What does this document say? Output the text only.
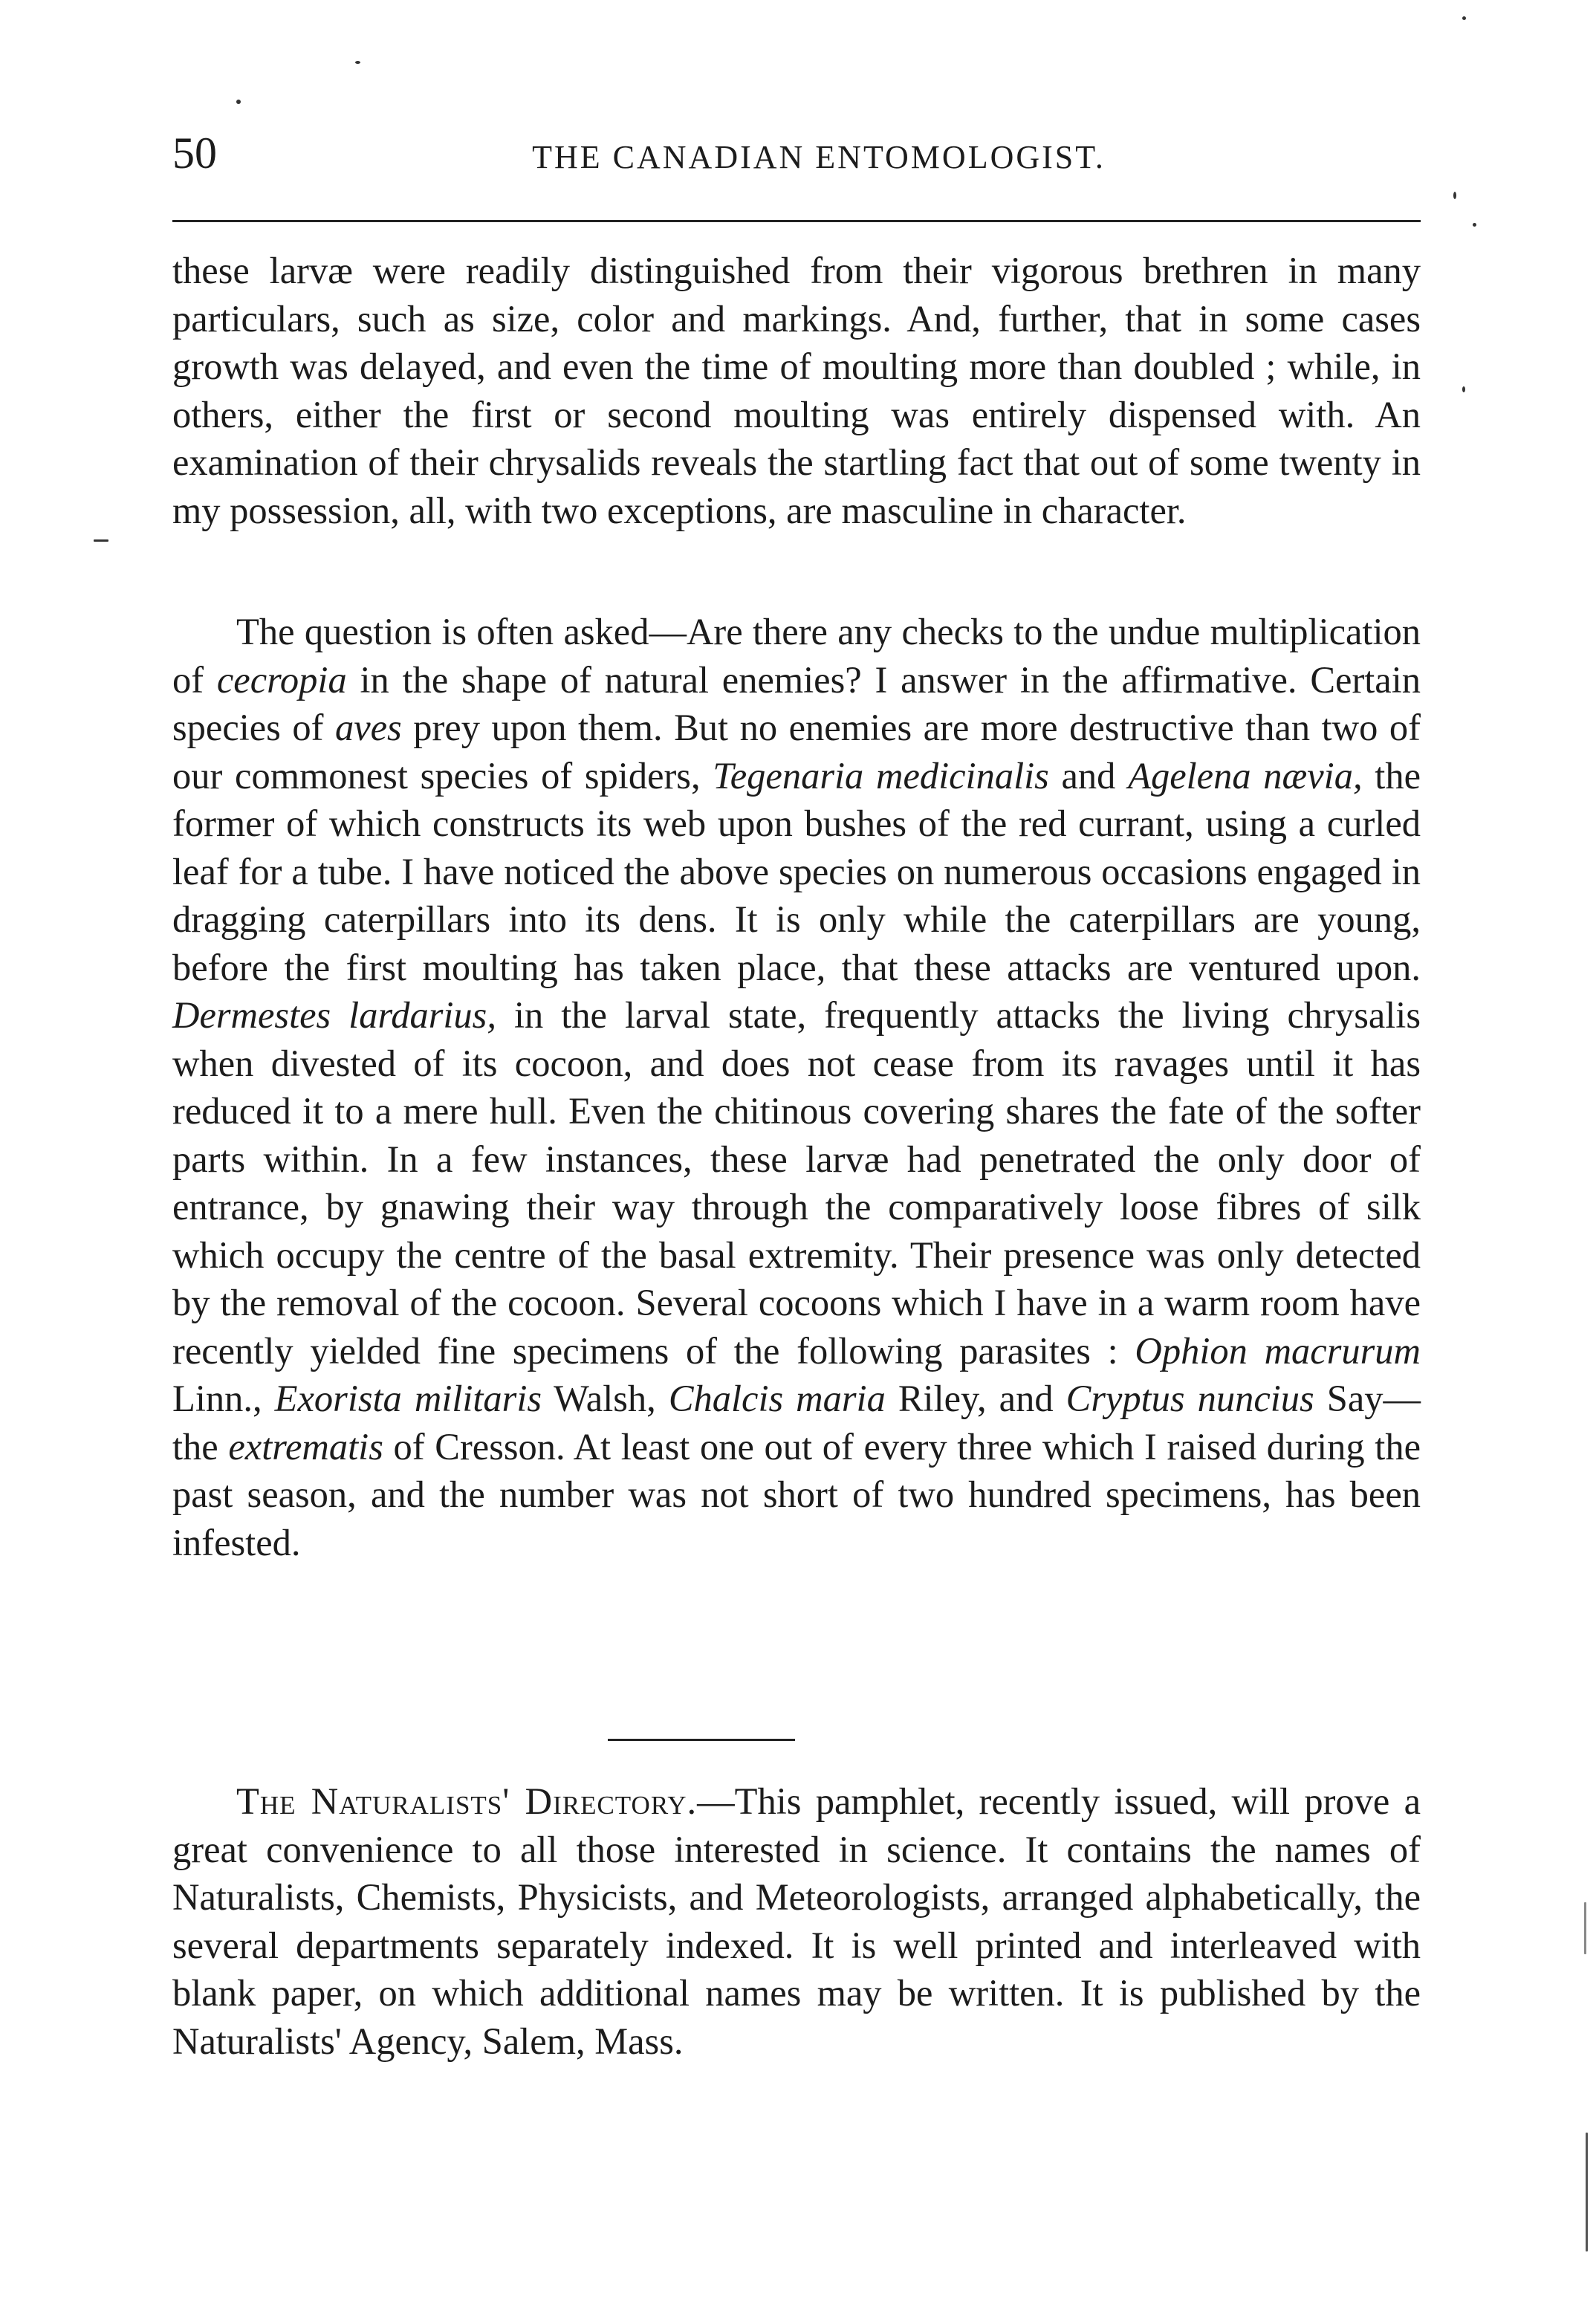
50	THE CANADIAN ENTOMOLOGIST.

these larvæ were readily distinguished from their vigorous brethren in many particulars, such as size, color and markings. And, further, that in some cases growth was delayed, and even the time of moulting more than doubled ; while, in others, either the first or second moulting was entirely dispensed with. An examination of their chrysalids reveals the startling fact that out of some twenty in my possession, all, with two exceptions, are masculine in character.

The question is often asked—Are there any checks to the undue multiplication of cecropia in the shape of natural enemies? I answer in the affirmative. Certain species of aves prey upon them. But no enemies are more destructive than two of our commonest species of spiders, Tegenaria medicinalis and Agelena nævia, the former of which constructs its web upon bushes of the red currant, using a curled leaf for a tube. I have noticed the above species on numerous occasions engaged in dragging caterpillars into its dens. It is only while the caterpillars are young, before the first moulting has taken place, that these attacks are ventured upon. Dermestes lardarius, in the larval state, frequently attacks the living chrysalis when divested of its cocoon, and does not cease from its ravages until it has reduced it to a mere hull. Even the chitinous covering shares the fate of the softer parts within. In a few instances, these larvæ had penetrated the only door of entrance, by gnawing their way through the comparatively loose fibres of silk which occupy the centre of the basal extremity. Their presence was only detected by the removal of the cocoon. Several cocoons which I have in a warm room have recently yielded fine specimens of the following parasites : Ophion macrurum Linn., Exorista militaris Walsh, Chalcis maria Riley, and Cryptus nuncius Say—the extrematis of Cresson. At least one out of every three which I raised during the past season, and the number was not short of two hundred specimens, has been infested.

The Naturalists' Directory.—This pamphlet, recently issued, will prove a great convenience to all those interested in science. It contains the names of Naturalists, Chemists, Physicists, and Meteorologists, arranged alphabetically, the several departments separately indexed. It is well printed and interleaved with blank paper, on which additional names may be written. It is published by the Naturalists' Agency, Salem, Mass.
